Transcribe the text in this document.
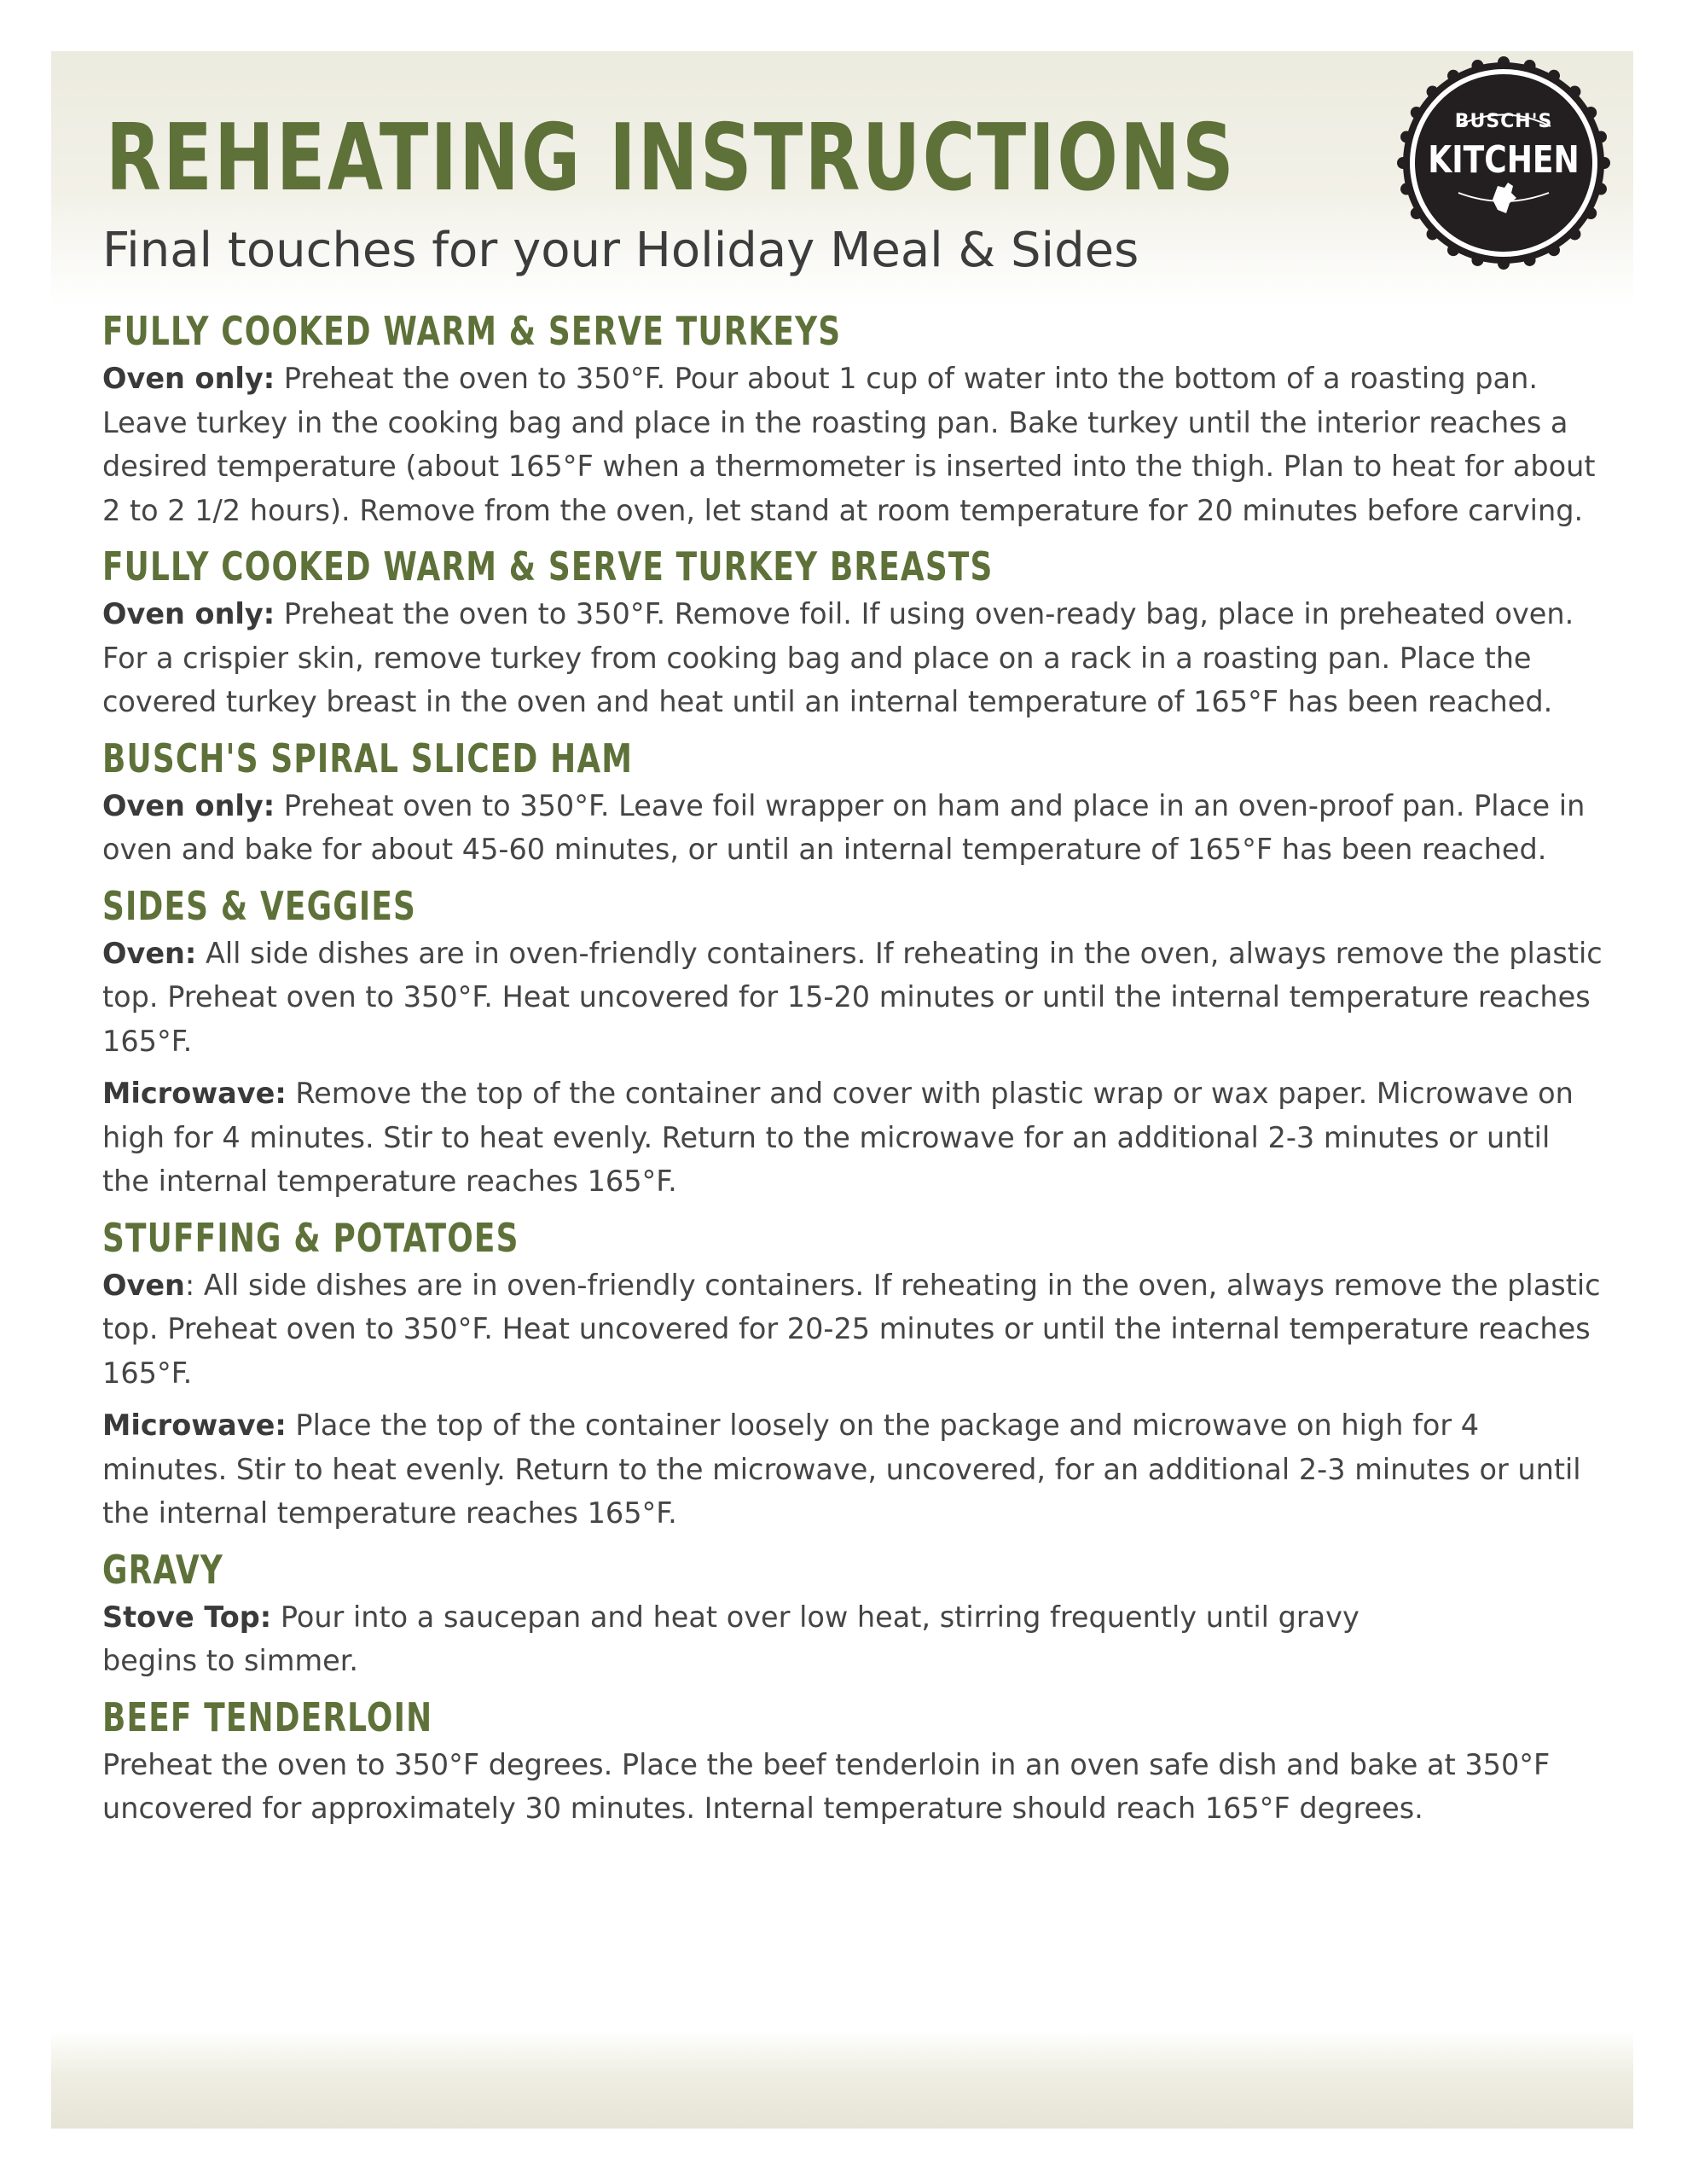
REHEATING INSTRUCTIONS

Final touches for your Holiday Meal & Sides

BUSCH'S
KITCHEN
FULLY COOKED WARM & SERVE TURKEYS

Oven only: Preheat the oven to 350°F. Pour about 1 cup of water into the bottom of a roasting pan. Leave turkey in the cooking bag and place in the roasting pan. Bake turkey until the interior reaches a desired temperature (about 165°F when a thermometer is inserted into the thigh. Plan to heat for about 2 to 2 1/2 hours). Remove from the oven, let stand at room temperature for 20 minutes before carving.

FULLY COOKED WARM & SERVE TURKEY BREASTS

Oven only: Preheat the oven to 350°F. Remove foil. If using oven-ready bag, place in preheated oven. For a crispier skin, remove turkey from cooking bag and place on a rack in a roasting pan. Place the covered turkey breast in the oven and heat until an internal temperature of 165°F has been reached.

BUSCH'S SPIRAL SLICED HAM

Oven only: Preheat oven to 350°F. Leave foil wrapper on ham and place in an oven-proof pan. Place in oven and bake for about 45-60 minutes, or until an internal temperature of 165°F has been reached.

SIDES & VEGGIES

Oven: All side dishes are in oven-friendly containers. If reheating in the oven, always remove the plastic top. Preheat oven to 350°F. Heat uncovered for 15-20 minutes or until the internal temperature reaches 165°F.

Microwave: Remove the top of the container and cover with plastic wrap or wax paper. Microwave on high for 4 minutes. Stir to heat evenly. Return to the microwave for an additional 2-3 minutes or until the internal temperature reaches 165°F.

STUFFING & POTATOES

Oven: All side dishes are in oven-friendly containers. If reheating in the oven, always remove the plastic top. Preheat oven to 350°F. Heat uncovered for 20-25 minutes or until the internal temperature reaches 165°F.

Microwave: Place the top of the container loosely on the package and microwave on high for 4 minutes. Stir to heat evenly. Return to the microwave, uncovered, for an additional 2-3 minutes or until the internal temperature reaches 165°F.

GRAVY

Stove Top: Pour into a saucepan and heat over low heat, stirring frequently until gravy begins to simmer.

BEEF TENDERLOIN

Preheat the oven to 350°F degrees. Place the beef tenderloin in an oven safe dish and bake at 350°F uncovered for approximately 30 minutes. Internal temperature should reach 165°F degrees.
